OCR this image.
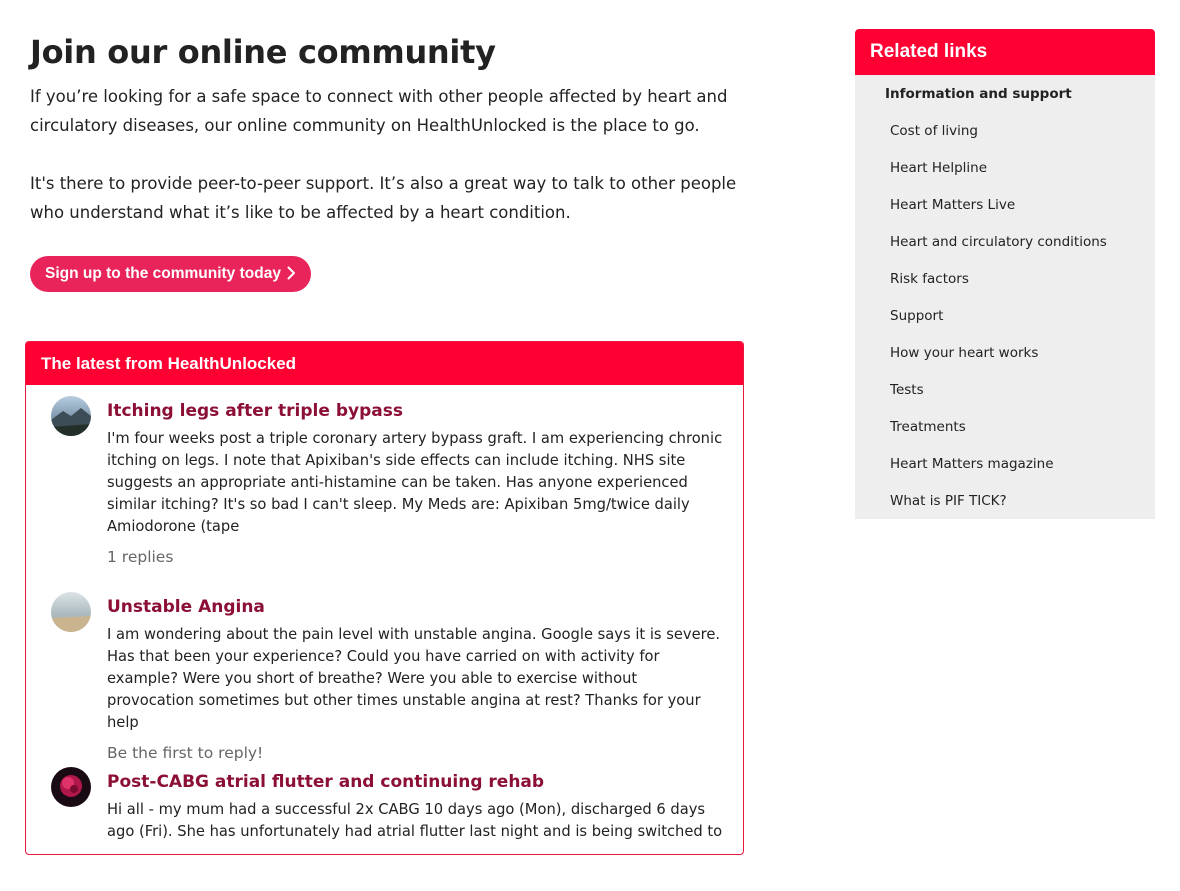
Join our online community

If you’re looking for a safe space to connect with other people affected by heart and circulatory diseases, our online community on HealthUnlocked is the place to go.

It's there to provide peer-to-peer support. It’s also a great way to talk to other people who understand what it’s like to be affected by a heart condition.

Sign up to the community today
The latest from HealthUnlocked
Itching legs after triple bypass
I'm four weeks post a triple coronary artery bypass graft. I am experiencing chronic itching on legs. I note that Apixiban's side effects can include itching. NHS site suggests an appropriate anti-histamine can be taken. Has anyone experienced similar itching? It's so bad I can't sleep. My Meds are: Apixiban 5mg/twice daily Amiodorone (tape
1 replies
Unstable Angina
I am wondering about the pain level with unstable angina. Google says it is severe. Has that been your experience? Could you have carried on with activity for example? Were you short of breathe? Were you able to exercise without provocation sometimes but other times unstable angina at rest? Thanks for your help
Be the first to reply!
Post-CABG atrial flutter and continuing rehab
Hi all - my mum had a successful 2x CABG 10 days ago (Mon), discharged 6 days ago (Fri). She has unfortunately had atrial flutter last night and is being switched to
Related links
Information and support
Cost of living
Heart Helpline
Heart Matters Live
Heart and circulatory conditions
Risk factors
Support
How your heart works
Tests
Treatments
Heart Matters magazine
What is PIF TICK?
